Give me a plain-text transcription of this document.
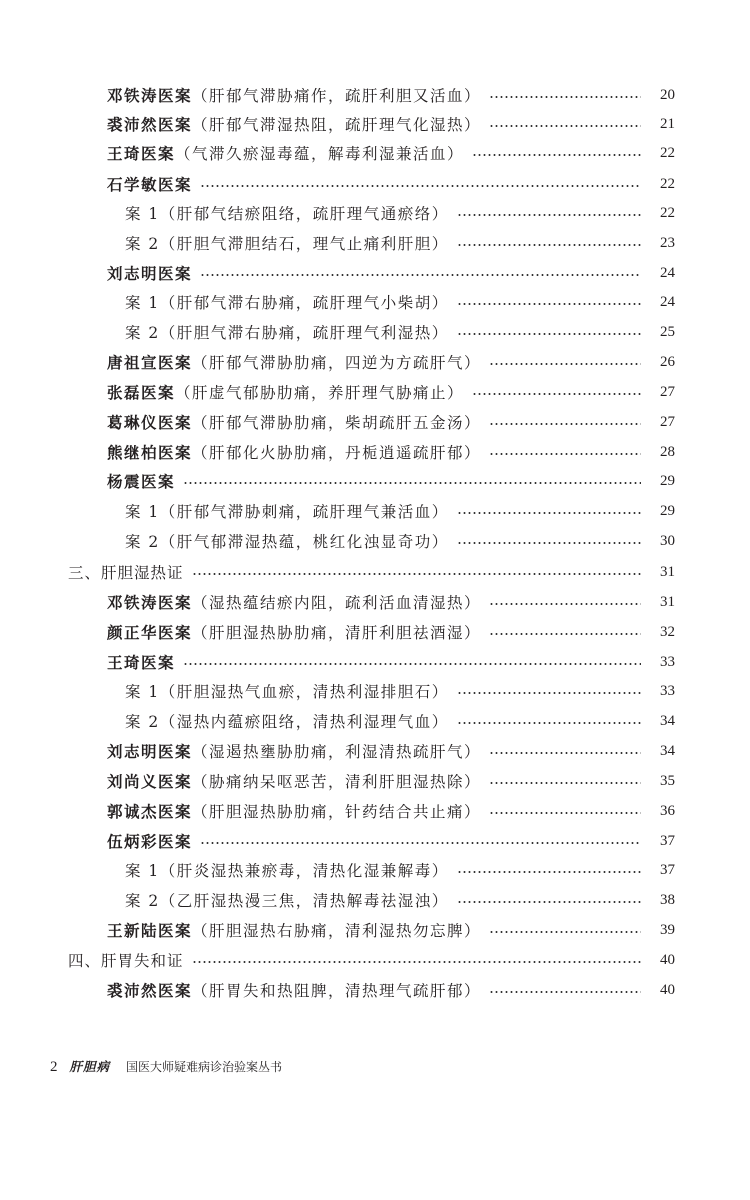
邓铁涛医案（肝郁气滞胁痛作，疏肝利胆又活血）	20
裘沛然医案（肝郁气滞湿热阻，疏肝理气化湿热）	21
王琦医案（气滞久瘀湿毒蕴，解毒利湿兼活血）	22
石学敏医案	22
案 1（肝郁气结瘀阻络，疏肝理气通瘀络）	22
案 2（肝胆气滞胆结石，理气止痛利肝胆）	23
刘志明医案	24
案 1（肝郁气滞右胁痛，疏肝理气小柴胡）	24
案 2（肝胆气滞右胁痛，疏肝理气利湿热）	25
唐祖宣医案（肝郁气滞胁肋痛，四逆为方疏肝气）	26
张磊医案（肝虚气郁胁肋痛，养肝理气胁痛止）	27
葛琳仪医案（肝郁气滞胁肋痛，柴胡疏肝五金汤）	27
熊继柏医案（肝郁化火胁肋痛，丹栀逍遥疏肝郁）	28
杨震医案	29
案 1（肝郁气滞胁刺痛，疏肝理气兼活血）	29
案 2（肝气郁滞湿热蕴，桃红化浊显奇功）	30
三、肝胆湿热证	31
邓铁涛医案（湿热蕴结瘀内阻，疏利活血清湿热）	31
颜正华医案（肝胆湿热胁肋痛，清肝利胆祛酒湿）	32
王琦医案	33
案 1（肝胆湿热气血瘀，清热利湿排胆石）	33
案 2（湿热内蕴瘀阻络，清热利湿理气血）	34
刘志明医案（湿遏热壅胁肋痛，利湿清热疏肝气）	34
刘尚义医案（胁痛纳呆呕恶苦，清利肝胆湿热除）	35
郭诚杰医案（肝胆湿热胁肋痛，针药结合共止痛）	36
伍炳彩医案	37
案 1（肝炎湿热兼瘀毒，清热化湿兼解毒）	37
案 2（乙肝湿热漫三焦，清热解毒祛湿浊）	38
王新陆医案（肝胆湿热右胁痛，清利湿热勿忘脾）	39
四、肝胃失和证	40
裘沛然医案（肝胃失和热阻脾，清热理气疏肝郁）	40
2 肝胆病 国医大师疑难病诊治验案丛书
